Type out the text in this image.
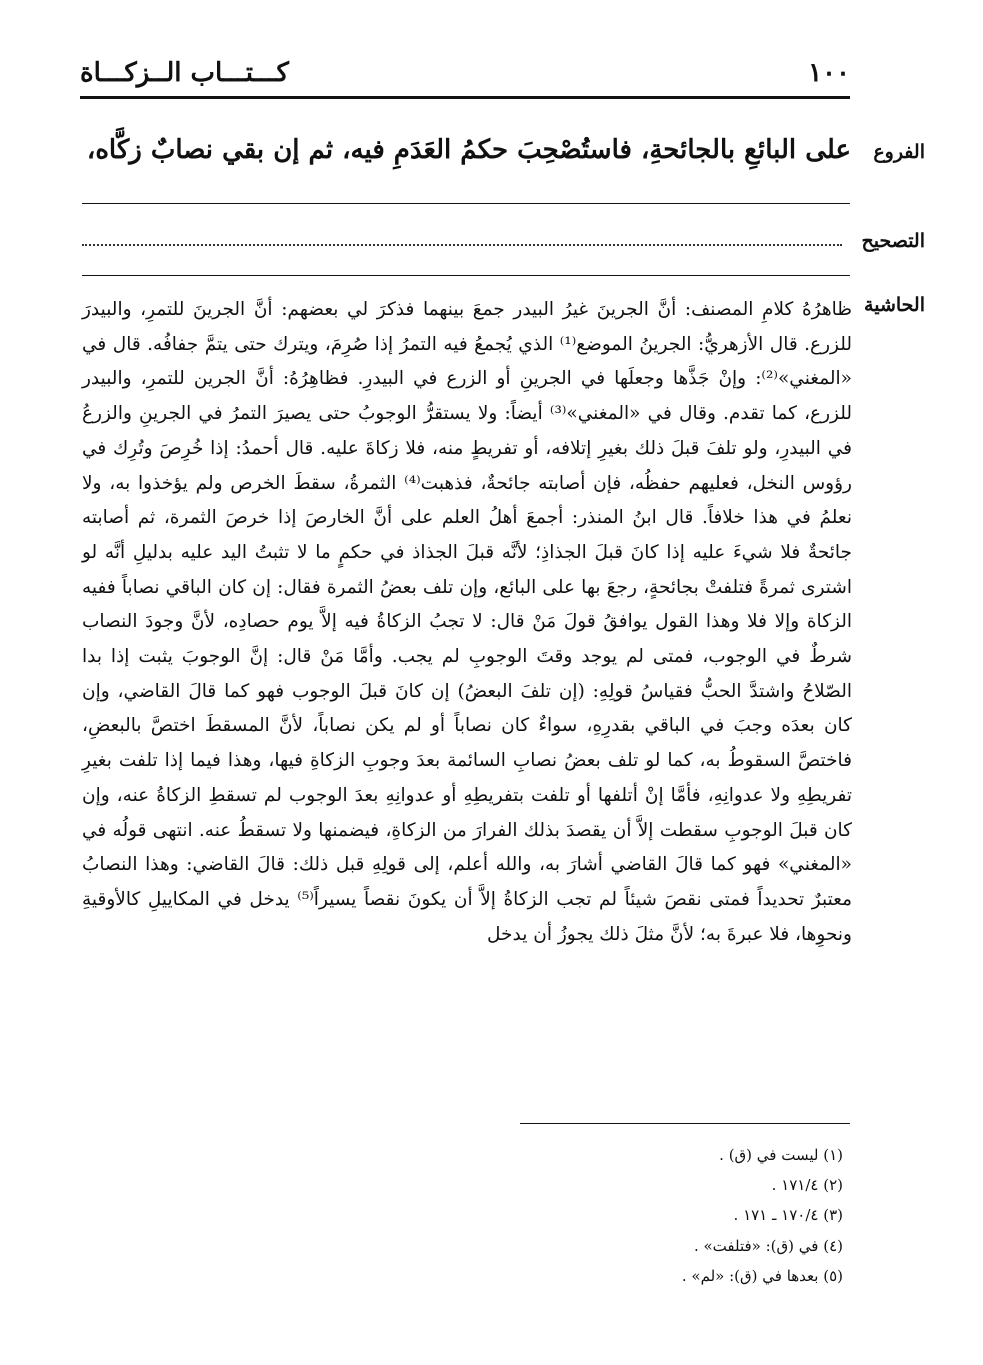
كـــتـــاب الــزكـــاة	١٠٠
الفروع
على البائعِ بالجائحةِ، فاستُصْحِبَ حكمُ العَدَمِ فيه، ثم إن بقي نصابٌ زكَّاه،
التصحيح
الحاشية
ظاهرُهُ كلامِ المصنف: أنَّ الجرينَ غيرُ البيدر جمعَ بينهما فذكرَ لي بعضهم: أنَّ الجرينَ للتمرِ، والبيدرَ للزرع. قال الأزهريُّ: الجرينُ الموضع⁽¹⁾ الذي يُجمعُ فيه التمرُ إذا صُرِمَ، ويترك حتى يتمَّ جفافُه. قال في «المغني»⁽²⁾: وإنْ جَذَّها وجعلَها في الجرينِ أو الزرع في البيدرِ. فظاهِرُهُ: أنَّ الجرين للتمرِ، والبيدر للزرع، كما تقدم. وقال في «المغني»⁽³⁾ أيضاً: ولا يستقرُّ الوجوبُ حتى يصيرَ التمرُ في الجرينِ والزرعُ في البيدرِ، ولو تلفَ قبلَ ذلك بغيرِ إتلافه، أو تفريطٍ منه، فلا زكاةَ عليه. قال أحمدُ: إذا خُرِصَ وتُرِك في رؤوس النخل، فعليهم حفظُه، فإن أصابته جائحةٌ، فذهبت⁽⁴⁾ الثمرةُ، سقطَ الخرص ولم يؤخذوا به، ولا نعلمُ في هذا خلافاً. قال ابنُ المنذر: أجمعَ أهلُ العلم على أنَّ الخارصَ إذا خرصَ الثمرة، ثم أصابته جائحةٌ فلا شيءَ عليه إذا كانَ قبلَ الجذاذِ؛ لأنَّه قبلَ الجذاذ في حكمٍ ما لا تثبتُ اليد عليه بدليلِ أنَّه لو اشترى ثمرةً فتلفتْ بجائحةٍ، رجعَ بها على البائع، وإن تلف بعضُ الثمرة فقال: إن كان الباقي نصاباً ففيه الزكاة وإلا فلا وهذا القول يوافقُ قولَ مَنْ قال: لا تجبُ الزكاةُ فيه إلاَّ يوم حصادِه، لأنَّ وجودَ النصاب شرطٌ في الوجوب، فمتى لم يوجد وقتَ الوجوبِ لم يجب. وأمَّا مَنْ قال: إنَّ الوجوبَ يثبت إذا بدا الصّلاحُ واشتدَّ الحبُّ فقياسُ قولِهِ: (إن تلفَ البعضُ) إن كانَ قبلَ الوجوب فهو كما قالَ القاضي، وإن كان بعدَه وجبَ في الباقي بقدرِهِ، سواءٌ كان نصاباً أو لم يكن نصاباً، لأنَّ المسقطَ اختصَّ بالبعضِ، فاختصَّ السقوطُ به، كما لو تلف بعضُ نصابِ السائمة بعدَ وجوبِ الزكاةِ فيها، وهذا فيما إذا تلفت بغيرِ تفريطِهِ ولا عدوانِهِ، فأمَّا إنْ أتلفها أو تلفت بتفريطِهِ أو عدوانِهِ بعدَ الوجوب لم تسقطِ الزكاةُ عنه، وإن كان قبلَ الوجوبِ سقطت إلاَّ أن يقصدَ بذلك الفرارَ من الزكاةِ، فيضمنها ولا تسقطُ عنه. انتهى قولُه في «المغني» فهو كما قالَ القاضي أشارَ به، والله أعلم، إلى قولِهِ قبل ذلك: قالَ القاضي: وهذا النصابُ معتبرٌ تحديداً فمتى نقصَ شيئاً لم تجب الزكاةُ إلاَّ أن يكونَ نقصاً يسيراً⁽⁵⁾ يدخل في المكاييلِ كالأوقيةِ ونحوِها، فلا عبرةَ به؛ لأنَّ مثلَ ذلك يجوزُ أن يدخل
(١) ليست في (ق) .
(٢) ١٧١/٤ .
(٣) ١٧٠/٤ ـ ١٧١ .
(٤) في (ق): «فتلفت» .
(٥) بعدها في (ق): «لم» .
